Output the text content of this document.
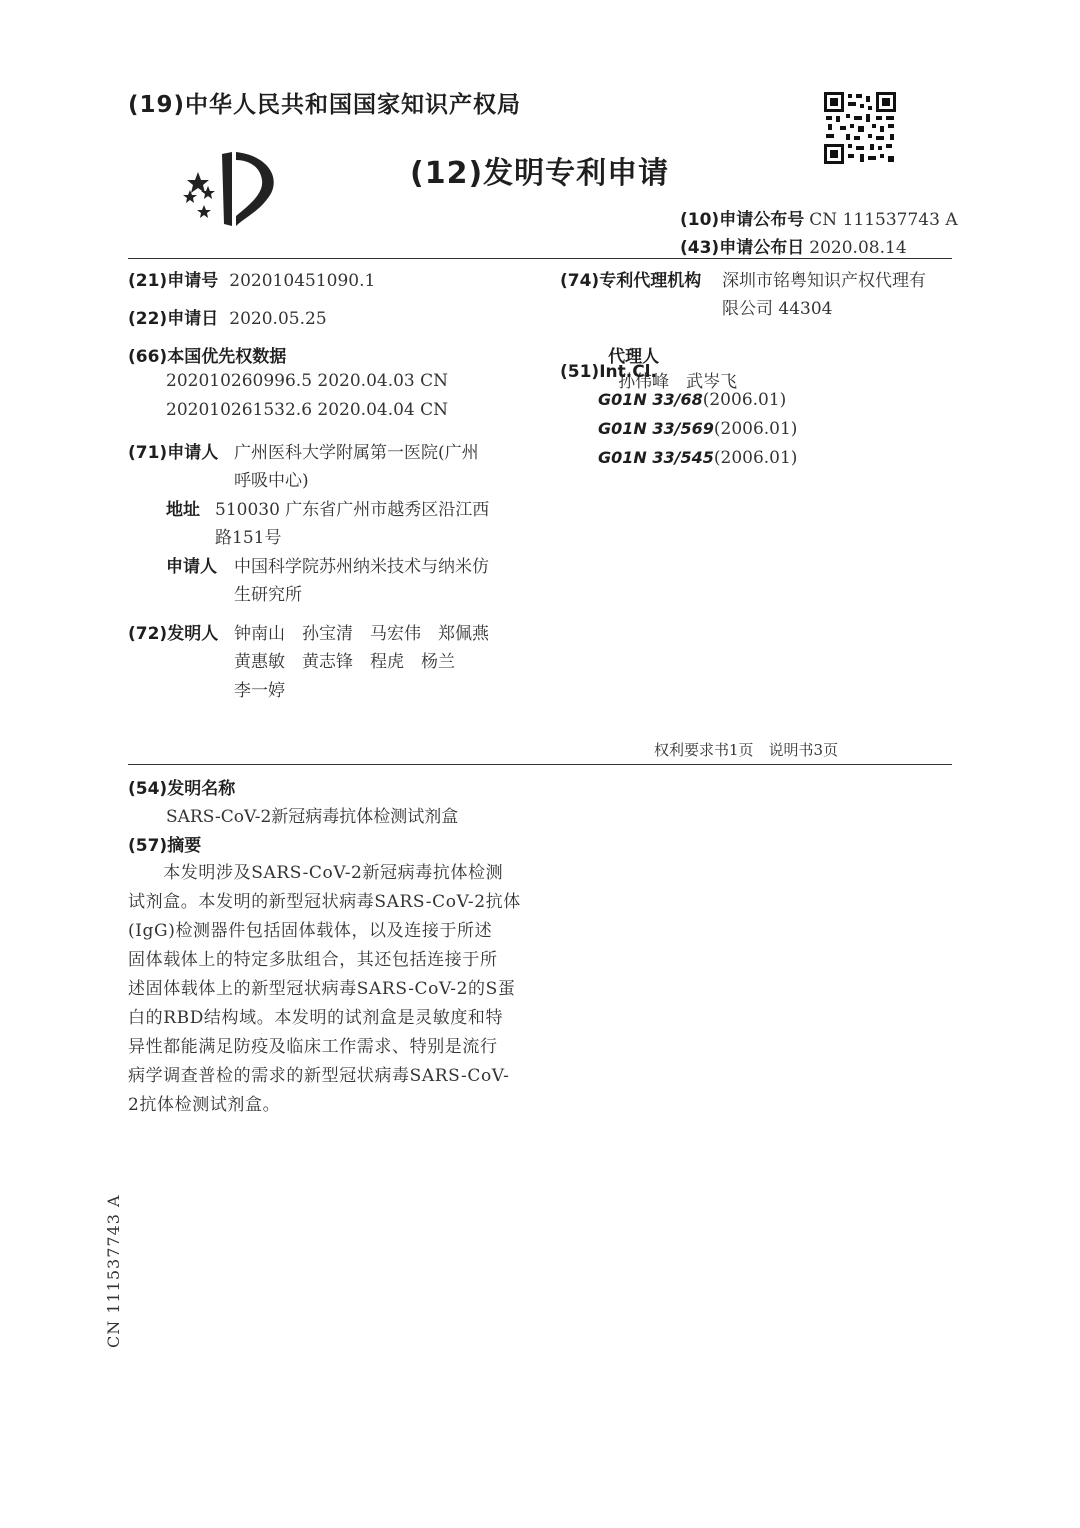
(19)中华人民共和国国家知识产权局
(12)发明专利申请
(10)申请公布号 CN 111537743 A
(43)申请公布日 2020.08.14
(21)申请号 202010451090.1
(22)申请日 2020.05.25
(66)本国优先权数据
202010260996.5 2020.04.03 CN
202010261532.6 2020.04.04 CN
(71)申请人 广州医科大学附属第一医院(广州
呼吸中心)
地址 510030 广东省广州市越秀区沿江西
路151号
申请人 中国科学院苏州纳米技术与纳米仿
生研究所
(72)发明人 钟南山　孙宝清　马宏伟　郑佩燕
黄惠敏　黄志锋　程虎　杨兰
李一婷
(74)专利代理机构 深圳市铭粤知识产权代理有
限公司 44304

代理人
孙伟峰　武岑飞

(51)Int.Cl.
G01N 33/68(2006.01)
G01N 33/569(2006.01)
G01N 33/545(2006.01)
权利要求书1页　说明书3页
(54)发明名称
SARS-CoV-2新冠病毒抗体检测试剂盒
(57)摘要
　　本发明涉及SARS-CoV-2新冠病毒抗体检测
试剂盒。本发明的新型冠状病毒SARS-CoV-2抗体
(IgG)检测器件包括固体载体，以及连接于所述
固体载体上的特定多肽组合，其还包括连接于所
述固体载体上的新型冠状病毒SARS-CoV-2的S蛋
白的RBD结构域。本发明的试剂盒是灵敏度和特
异性都能满足防疫及临床工作需求、特别是流行
病学调查普检的需求的新型冠状病毒SARS-CoV-
2抗体检测试剂盒。
CN 111537743 A
